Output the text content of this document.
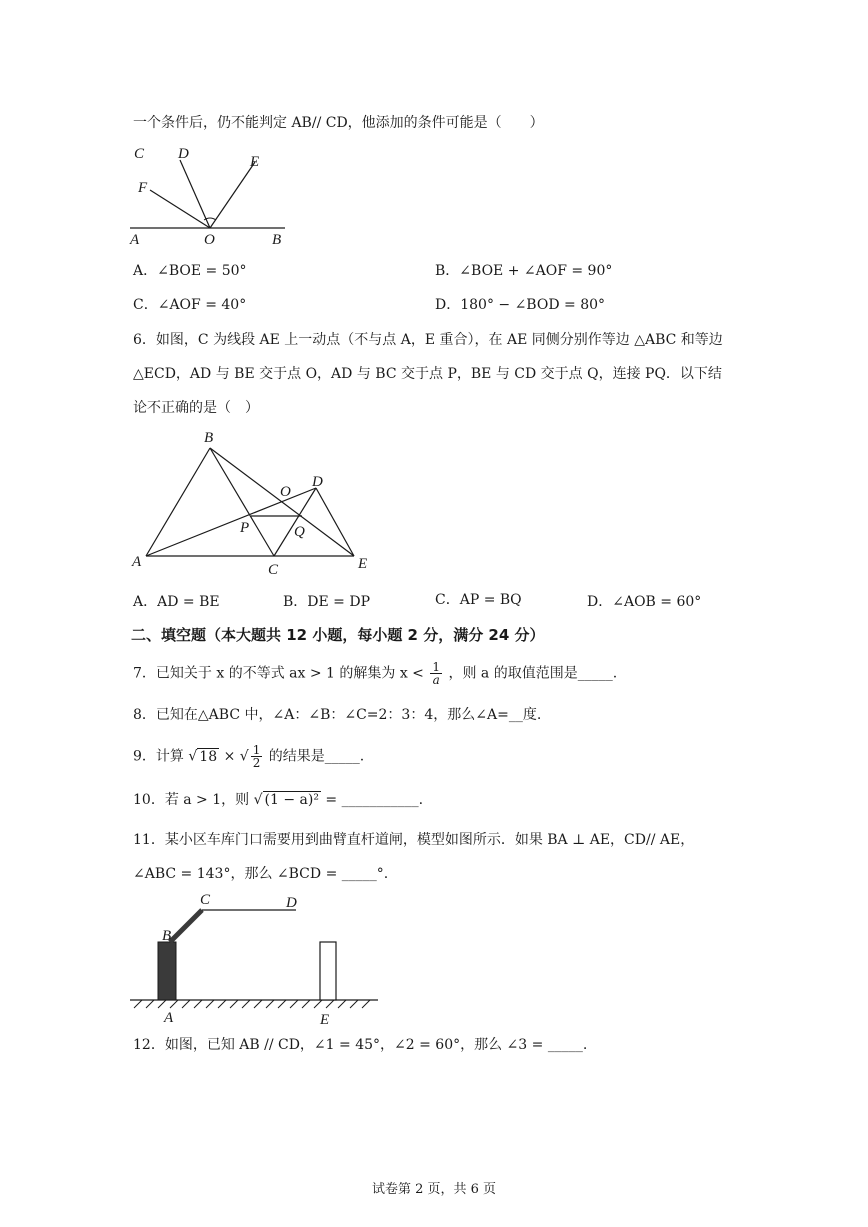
一个条件后，仍不能判定 AB// CD，他添加的条件可能是（　　）
C D	E
F
A	O	B
A．∠BOE = 50°	B．∠BOE + ∠AOF = 90°
C．∠AOF = 40°	D．180° − ∠BOD = 80°
6．如图，C 为线段 AE 上一动点（不与点 A，E 重合），在 AE 同侧分别作等边 △ABC 和等边
△ECD，AD 与 BE 交于点 O，AD 与 BC 交于点 P，BE 与 CD 交于点 Q，连接 PQ．以下结
论不正确的是（　）
B
O
D
P	Q
A	C	E
A．AD = BE	B．DE = DP	C．AP = BQ	D．∠AOB = 60°
二、填空题（本大题共 12 小题，每小题 2 分，满分 24 分）
7．已知关于 x 的不等式 ax > 1 的解集为 $x < \frac{1}{a}$ ，则 a 的取值范围是_____.
8．已知在△ABC 中，∠A：∠B：∠C=2：3：4，那么∠A=__度.
9．计算 √ 18 × √ $\frac{1}{2}$ 的结果是_____.
10．若 a > 1，则 √ (1 − a)² = ___________.
11．某小区车库门口需要用到曲臂直杆道闸，模型如图所示．如果 BA ⊥ AE，CD// AE，
∠ABC = 143°，那么 ∠BCD = _____°.
C	D
B
A	E
12．如图，已知 AB // CD，∠1 = 45°，∠2 = 60°，那么 ∠3 = _____.
试卷第 2 页，共 6 页
